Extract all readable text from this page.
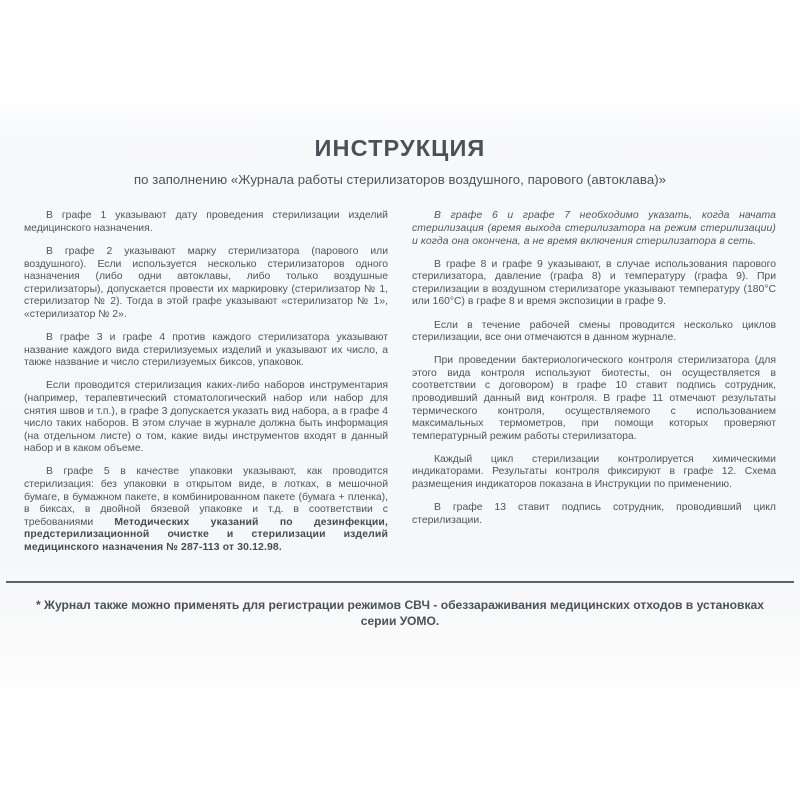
ИНСТРУКЦИЯ

по заполнению «Журнала работы стерилизаторов воздушного, парового (автоклава)»

В графе 1 указывают дату проведения стерилизации изделий медицинского назначения.

В графе 2 указывают марку стерилизатора (парового или воздушного). Если используется несколько стерилизаторов одного назначения (либо одни автоклавы, либо только воздушные стерилизаторы), допускается провести их маркировку (стерилизатор № 1, стерилизатор № 2). Тогда в этой графе указывают «стерилизатор № 1», «стерилизатор № 2».

В графе 3 и графе 4 против каждого стерилизатора указывают название каждого вида стерилизуемых изделий и указывают их число, а также название и число стерилизуемых биксов, упаковок.

Если проводится стерилизация каких-либо наборов инструментария (например, терапевтический стоматологический набор или набор для снятия швов и т.п.), в графе 3 допускается указать вид набора, а в графе 4 число таких наборов. В этом случае в журнале должна быть информация (на отдельном листе) о том, какие виды инструментов входят в данный набор и в каком объеме.

В графе 5 в качестве упаковки указывают, как проводится стерилизация: без упаковки в открытом виде, в лотках, в мешочной бумаге, в бумажном пакете, в комбинированном пакете (бумага + пленка), в биксах, в двойной бязевой упаковке и т.д. в соответствии с требованиями Методических указаний по дезинфекции, предстерилизационной очистке и стерилизации изделий медицинского назначения № 287-113 от 30.12.98.

В графе 6 и графе 7 необходимо указать, когда начата стерилизация (время выхода стерилизатора на режим стерилизации) и когда она окончена, а не время включения стерилизатора в сеть.

В графе 8 и графе 9 указывают, в случае использования парового стерилизатора, давление (графа 8) и температуру (графа 9). При стерилизации в воздушном стерилизаторе указывают температуру (180°С или 160°С) в графе 8 и время экспозиции в графе 9.

Если в течение рабочей смены проводится несколько циклов стерилизации, все они отмечаются в данном журнале.

При проведении бактериологического контроля стерилизатора (для этого вида контроля используют биотесты, он осуществляется в соответствии с договором) в графе 10 ставит подпись сотрудник, проводивший данный вид контроля. В графе 11 отмечают результаты термического контроля, осуществляемого с использованием максимальных термометров, при помощи которых проверяют температурный режим работы стерилизатора.

Каждый цикл стерилизации контролируется химическими индикаторами. Результаты контроля фиксируют в графе 12. Схема размещения индикаторов показана в Инструкции по применению.

В графе 13 ставит подпись сотрудник, проводивший цикл стерилизации.

* Журнал также можно применять для регистрации режимов СВЧ - обеззараживания медицинских отходов в установках серии УОМО.
